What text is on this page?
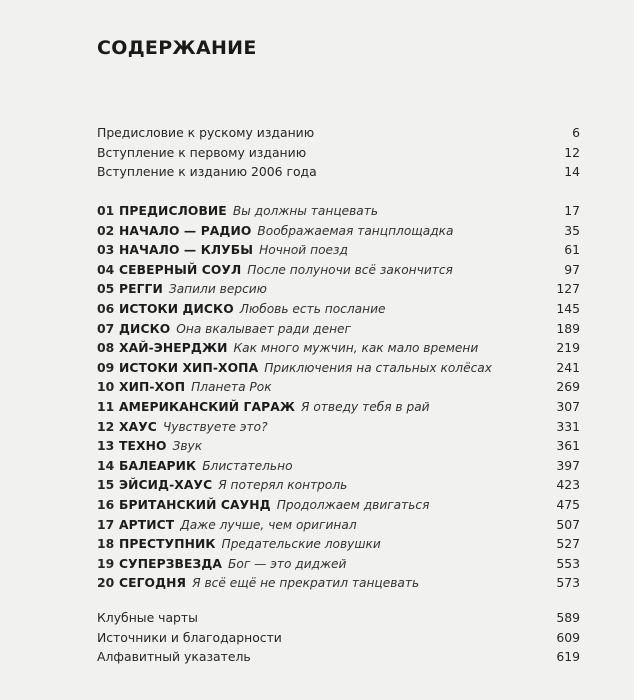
СОДЕРЖАНИЕ
Предисловие к рускому изданию	6
Вступление к первому изданию	12
Вступление к изданию 2006 года	14
01 ПРЕДИСЛОВИЕ Вы должны танцевать	17
02 НАЧАЛО — РАДИО Воображаемая танцплощадка	35
03 НАЧАЛО — КЛУБЫ Ночной поезд	61
04 СЕВЕРНЫЙ СОУЛ После полуночи всё закончится	97
05 РЕГГИ Запили версию	127
06 ИСТОКИ ДИСКО Любовь есть послание	145
07 ДИСКО Она вкалывает ради денег	189
08 ХАЙ-ЭНЕРДЖИ Как много мужчин, как мало времени	219
09 ИСТОКИ ХИП-ХОПА Приключения на стальных колёсах	241
10 ХИП-ХОП Планета Рок	269
11 АМЕРИКАНСКИЙ ГАРАЖ Я отведу тебя в рай	307
12 ХАУС Чувствуете это?	331
13 ТЕХНО Звук	361
14 БАЛЕАРИК Блистательно	397
15 ЭЙСИД-ХАУС Я потерял контроль	423
16 БРИТАНСКИЙ САУНД Продолжаем двигаться	475
17 АРТИСТ Даже лучше, чем оригинал	507
18 ПРЕСТУПНИК Предательские ловушки	527
19 СУПЕРЗВЕЗДА Бог — это диджей	553
20 СЕГОДНЯ Я всё ещё не прекратил танцевать	573
Клубные чарты	589
Источники и благодарности	609
Алфавитный указатель	619
